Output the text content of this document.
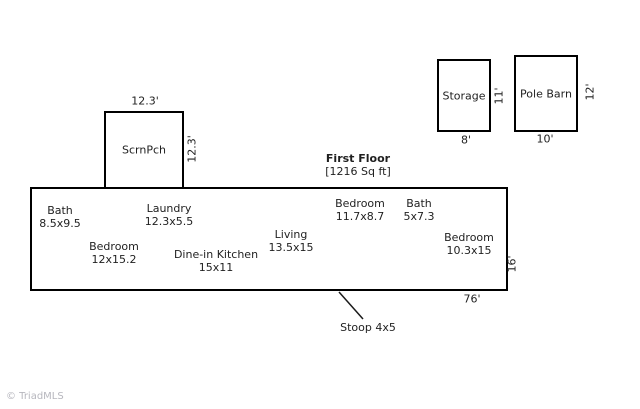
ScrnPch
12.3'
12.3'
Storage
8'
11' Pole Barn
10'
12'
First Floor
[1216 Sq ft]
Bath
8.5x9.5
Laundry
12.3x5.5
Bedroom
12x15.2	Dine-in Kitchen
15x11
Living
13.5x15
Bedroom
11.7x8.7
Bath
5x7.3
Bedroom
10.3x15
76'
16'
Stoop 4x5
© TriadMLS
